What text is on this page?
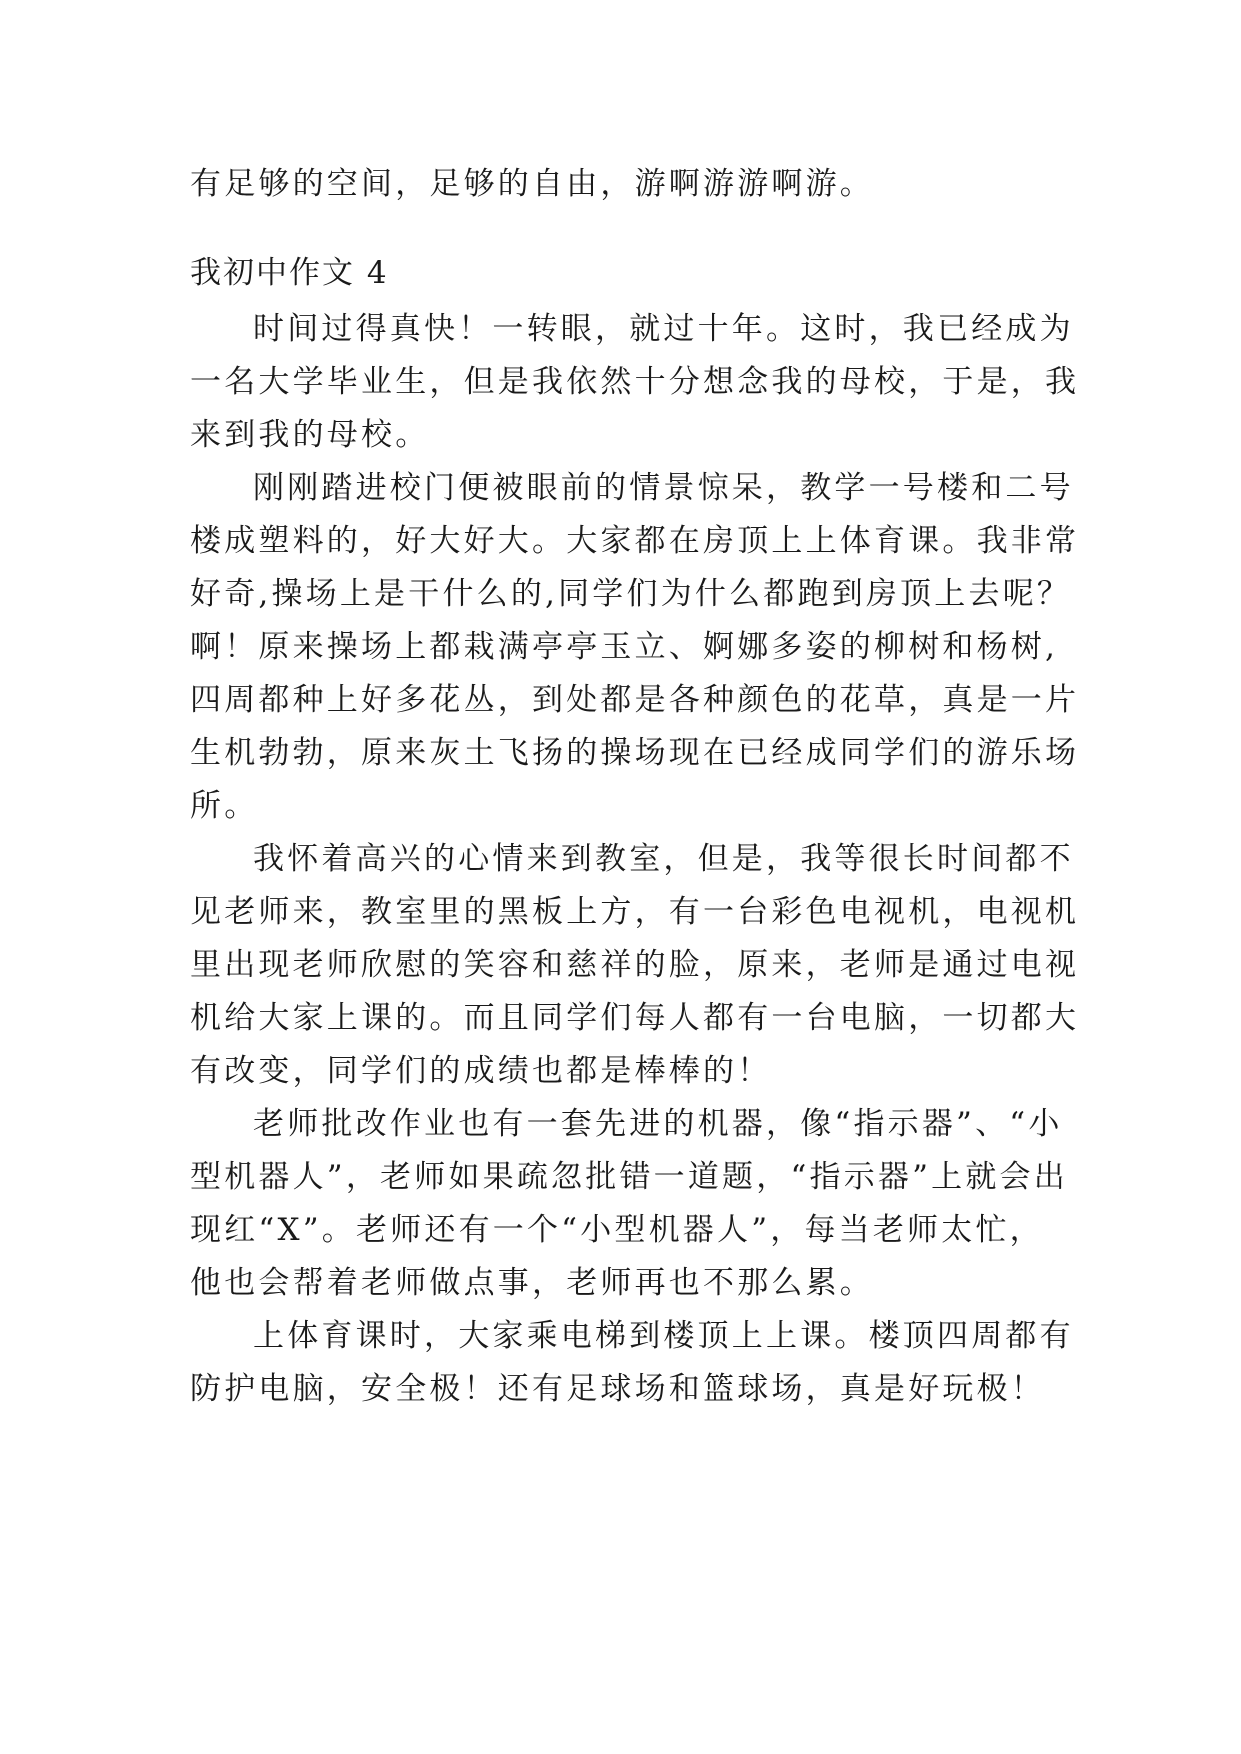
有足够的空间，足够的自由，游啊游游啊游。

我初中作文 4

时间过得真快！一转眼，就过十年。这时，我已经成为

一名大学毕业生，但是我依然十分想念我的母校，于是，我

来到我的母校。

刚刚踏进校门便被眼前的情景惊呆，教学一号楼和二号

楼成塑料的，好大好大。大家都在房顶上上体育课。我非常

好奇,操场上是干什么的,同学们为什么都跑到房顶上去呢？

啊！原来操场上都栽满亭亭玉立、婀娜多姿的柳树和杨树,

四周都种上好多花丛，到处都是各种颜色的花草，真是一片

生机勃勃，原来灰土飞扬的操场现在已经成同学们的游乐场

所。

我怀着高兴的心情来到教室，但是，我等很长时间都不

见老师来，教室里的黑板上方，有一台彩色电视机，电视机

里出现老师欣慰的笑容和慈祥的脸，原来，老师是通过电视

机给大家上课的。而且同学们每人都有一台电脑，一切都大

有改变，同学们的成绩也都是棒棒的！

老师批改作业也有一套先进的机器，像“指示器”、“小

型机器人”，老师如果疏忽批错一道题，“指示器”上就会出

现红“X”。老师还有一个“小型机器人”，每当老师太忙，

他也会帮着老师做点事，老师再也不那么累。

上体育课时，大家乘电梯到楼顶上上课。楼顶四周都有

防护电脑，安全极！还有足球场和篮球场，真是好玩极！
